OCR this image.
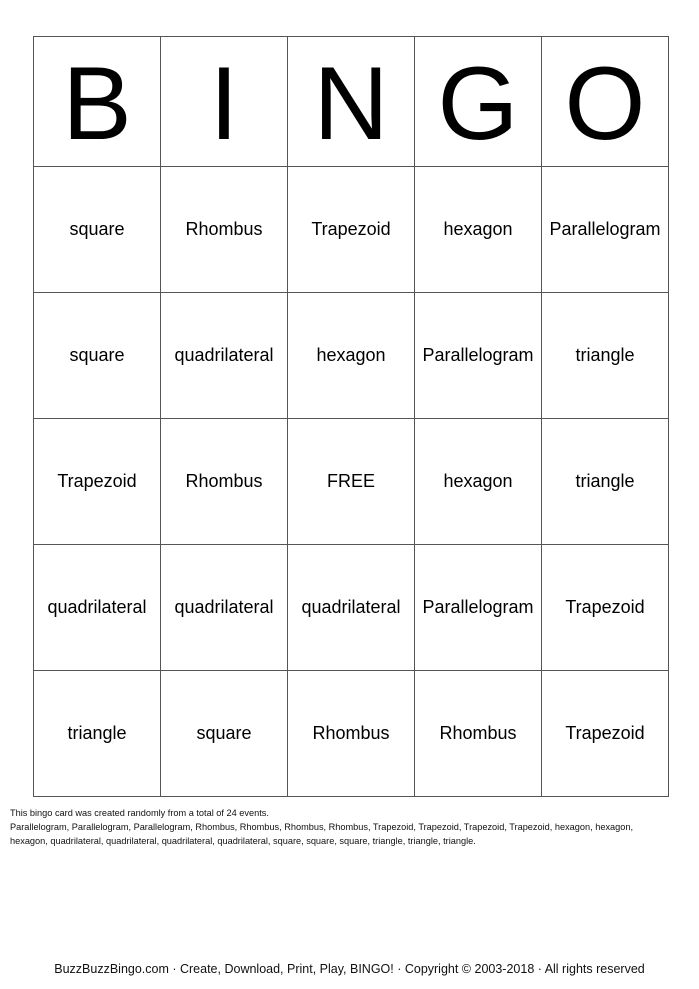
B	I	N	G	O
square	Rhombus	Trapezoid	hexagon	Parallelogram
square	quadrilateral	hexagon	Parallelogram	triangle
Trapezoid	Rhombus	FREE	hexagon	triangle
quadrilateral	quadrilateral	quadrilateral	Parallelogram	Trapezoid
triangle	square	Rhombus	Rhombus	Trapezoid
This bingo card was created randomly from a total of 24 events.
Parallelogram, Parallelogram, Parallelogram, Rhombus, Rhombus, Rhombus, Rhombus, Trapezoid, Trapezoid, Trapezoid, Trapezoid, hexagon, hexagon,
hexagon, quadrilateral, quadrilateral, quadrilateral, quadrilateral, square, square, square, triangle, triangle, triangle.
BuzzBuzzBingo.com · Create, Download, Print, Play, BINGO! · Copyright © 2003-2018 · All rights reserved
